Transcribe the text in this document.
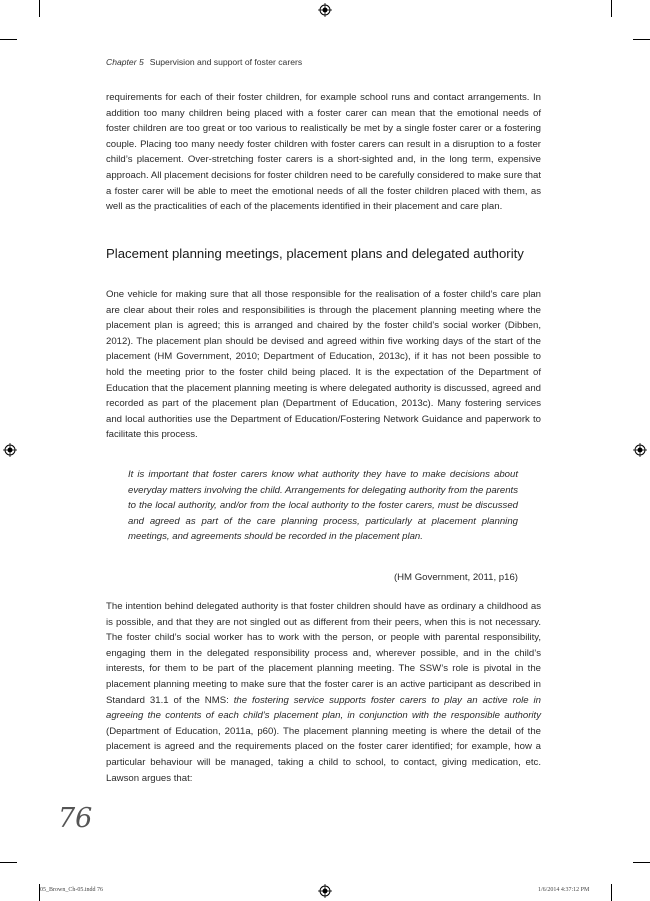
Chapter 5 Supervision and support of foster carers

requirements for each of their foster children, for example school runs and contact arrangements. In addition too many children being placed with a foster carer can mean that the emotional needs of foster children are too great or too various to realistically be met by a single foster carer or a fostering couple. Placing too many needy foster children with foster carers can result in a disruption to a foster child’s placement. Over-stretching foster carers is a short-sighted and, in the long term, expensive approach. All placement decisions for foster children need to be carefully considered to make sure that a foster carer will be able to meet the emotional needs of all the foster children placed with them, as well as the practicalities of each of the placements identified in their placement and care plan.

Placement planning meetings, placement plans and delegated authority

One vehicle for making sure that all those responsible for the realisation of a foster child’s care plan are clear about their roles and responsibilities is through the placement planning meeting where the placement plan is agreed; this is arranged and chaired by the foster child’s social worker (Dibben, 2012). The placement plan should be devised and agreed within five working days of the start of the placement (HM Government, 2010; Department of Education, 2013c), if it has not been possible to hold the meeting prior to the foster child being placed. It is the expectation of the Department of Education that the placement planning meeting is where delegated authority is discussed, agreed and recorded as part of the placement plan (Department of Education, 2013c). Many fostering services and local authorities use the Department of Education/Fostering Network Guidance and paperwork to facilitate this process.

It is important that foster carers know what authority they have to make decisions about everyday matters involving the child. Arrangements for delegating authority from the parents to the local authority, and/or from the local authority to the foster carers, must be discussed and agreed as part of the care planning process, particularly at placement planning meetings, and agreements should be recorded in the placement plan.

(HM Government, 2011, p16)

The intention behind delegated authority is that foster children should have as ordinary a childhood as is possible, and that they are not singled out as different from their peers, when this is not necessary. The foster child’s social worker has to work with the person, or people with parental responsibility, engaging them in the delegated responsibility process and, wherever possible, and in the child’s interests, for them to be part of the placement planning meeting. The SSW’s role is pivotal in the placement planning meeting to make sure that the foster carer is an active participant as described in Standard 31.1 of the NMS: the fostering service supports foster carers to play an active role in agreeing the contents of each child’s placement plan, in conjunction with the responsible authority (Department of Education, 2011a, p60). The placement planning meeting is where the detail of the placement is agreed and the requirements placed on the foster carer identified; for example, how a particular behaviour will be managed, taking a child to school, to contact, giving medication, etc. Lawson argues that:

76
05_Brown_Ch-05.indd 76	1/6/2014 4:37:12 PM
